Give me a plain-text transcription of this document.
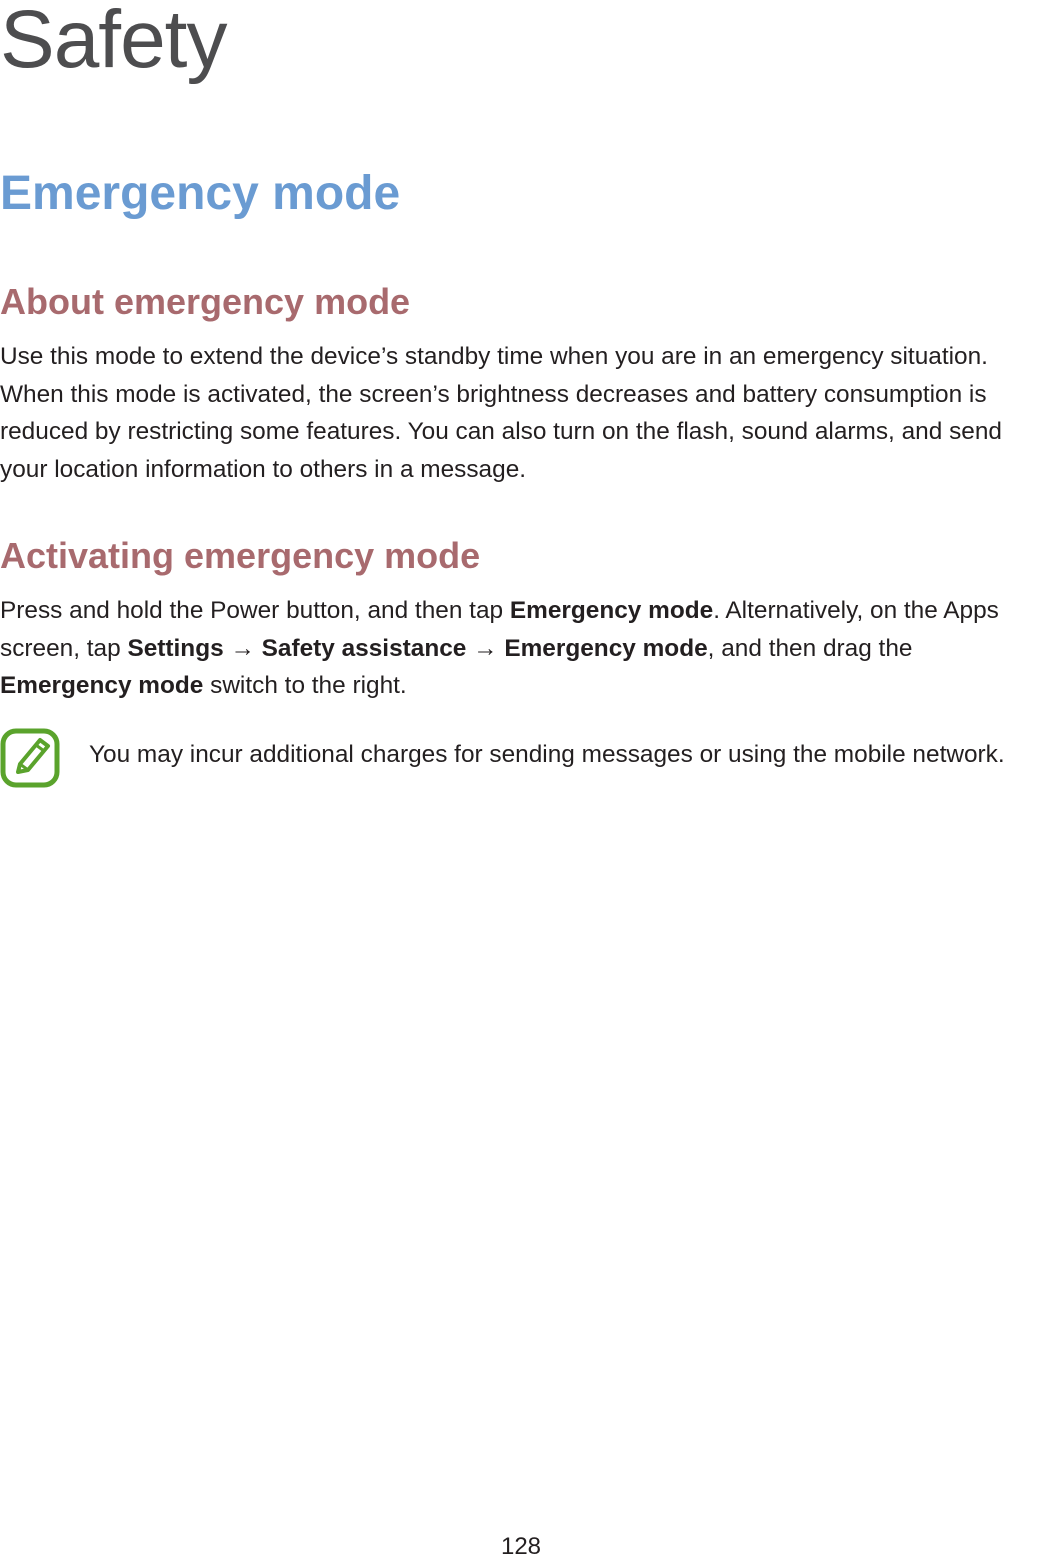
Safety
Emergency mode
About emergency mode

Use this mode to extend the device’s standby time when you are in an emergency situation. When this mode is activated, the screen’s brightness decreases and battery consumption is reduced by restricting some features. You can also turn on the flash, sound alarms, and send your location information to others in a message.

Activating emergency mode

Press and hold the Power button, and then tap Emergency mode. Alternatively, on the Apps screen, tap Settings → Safety assistance → Emergency mode, and then drag the Emergency mode switch to the right.

You may incur additional charges for sending messages or using the mobile network.

128
